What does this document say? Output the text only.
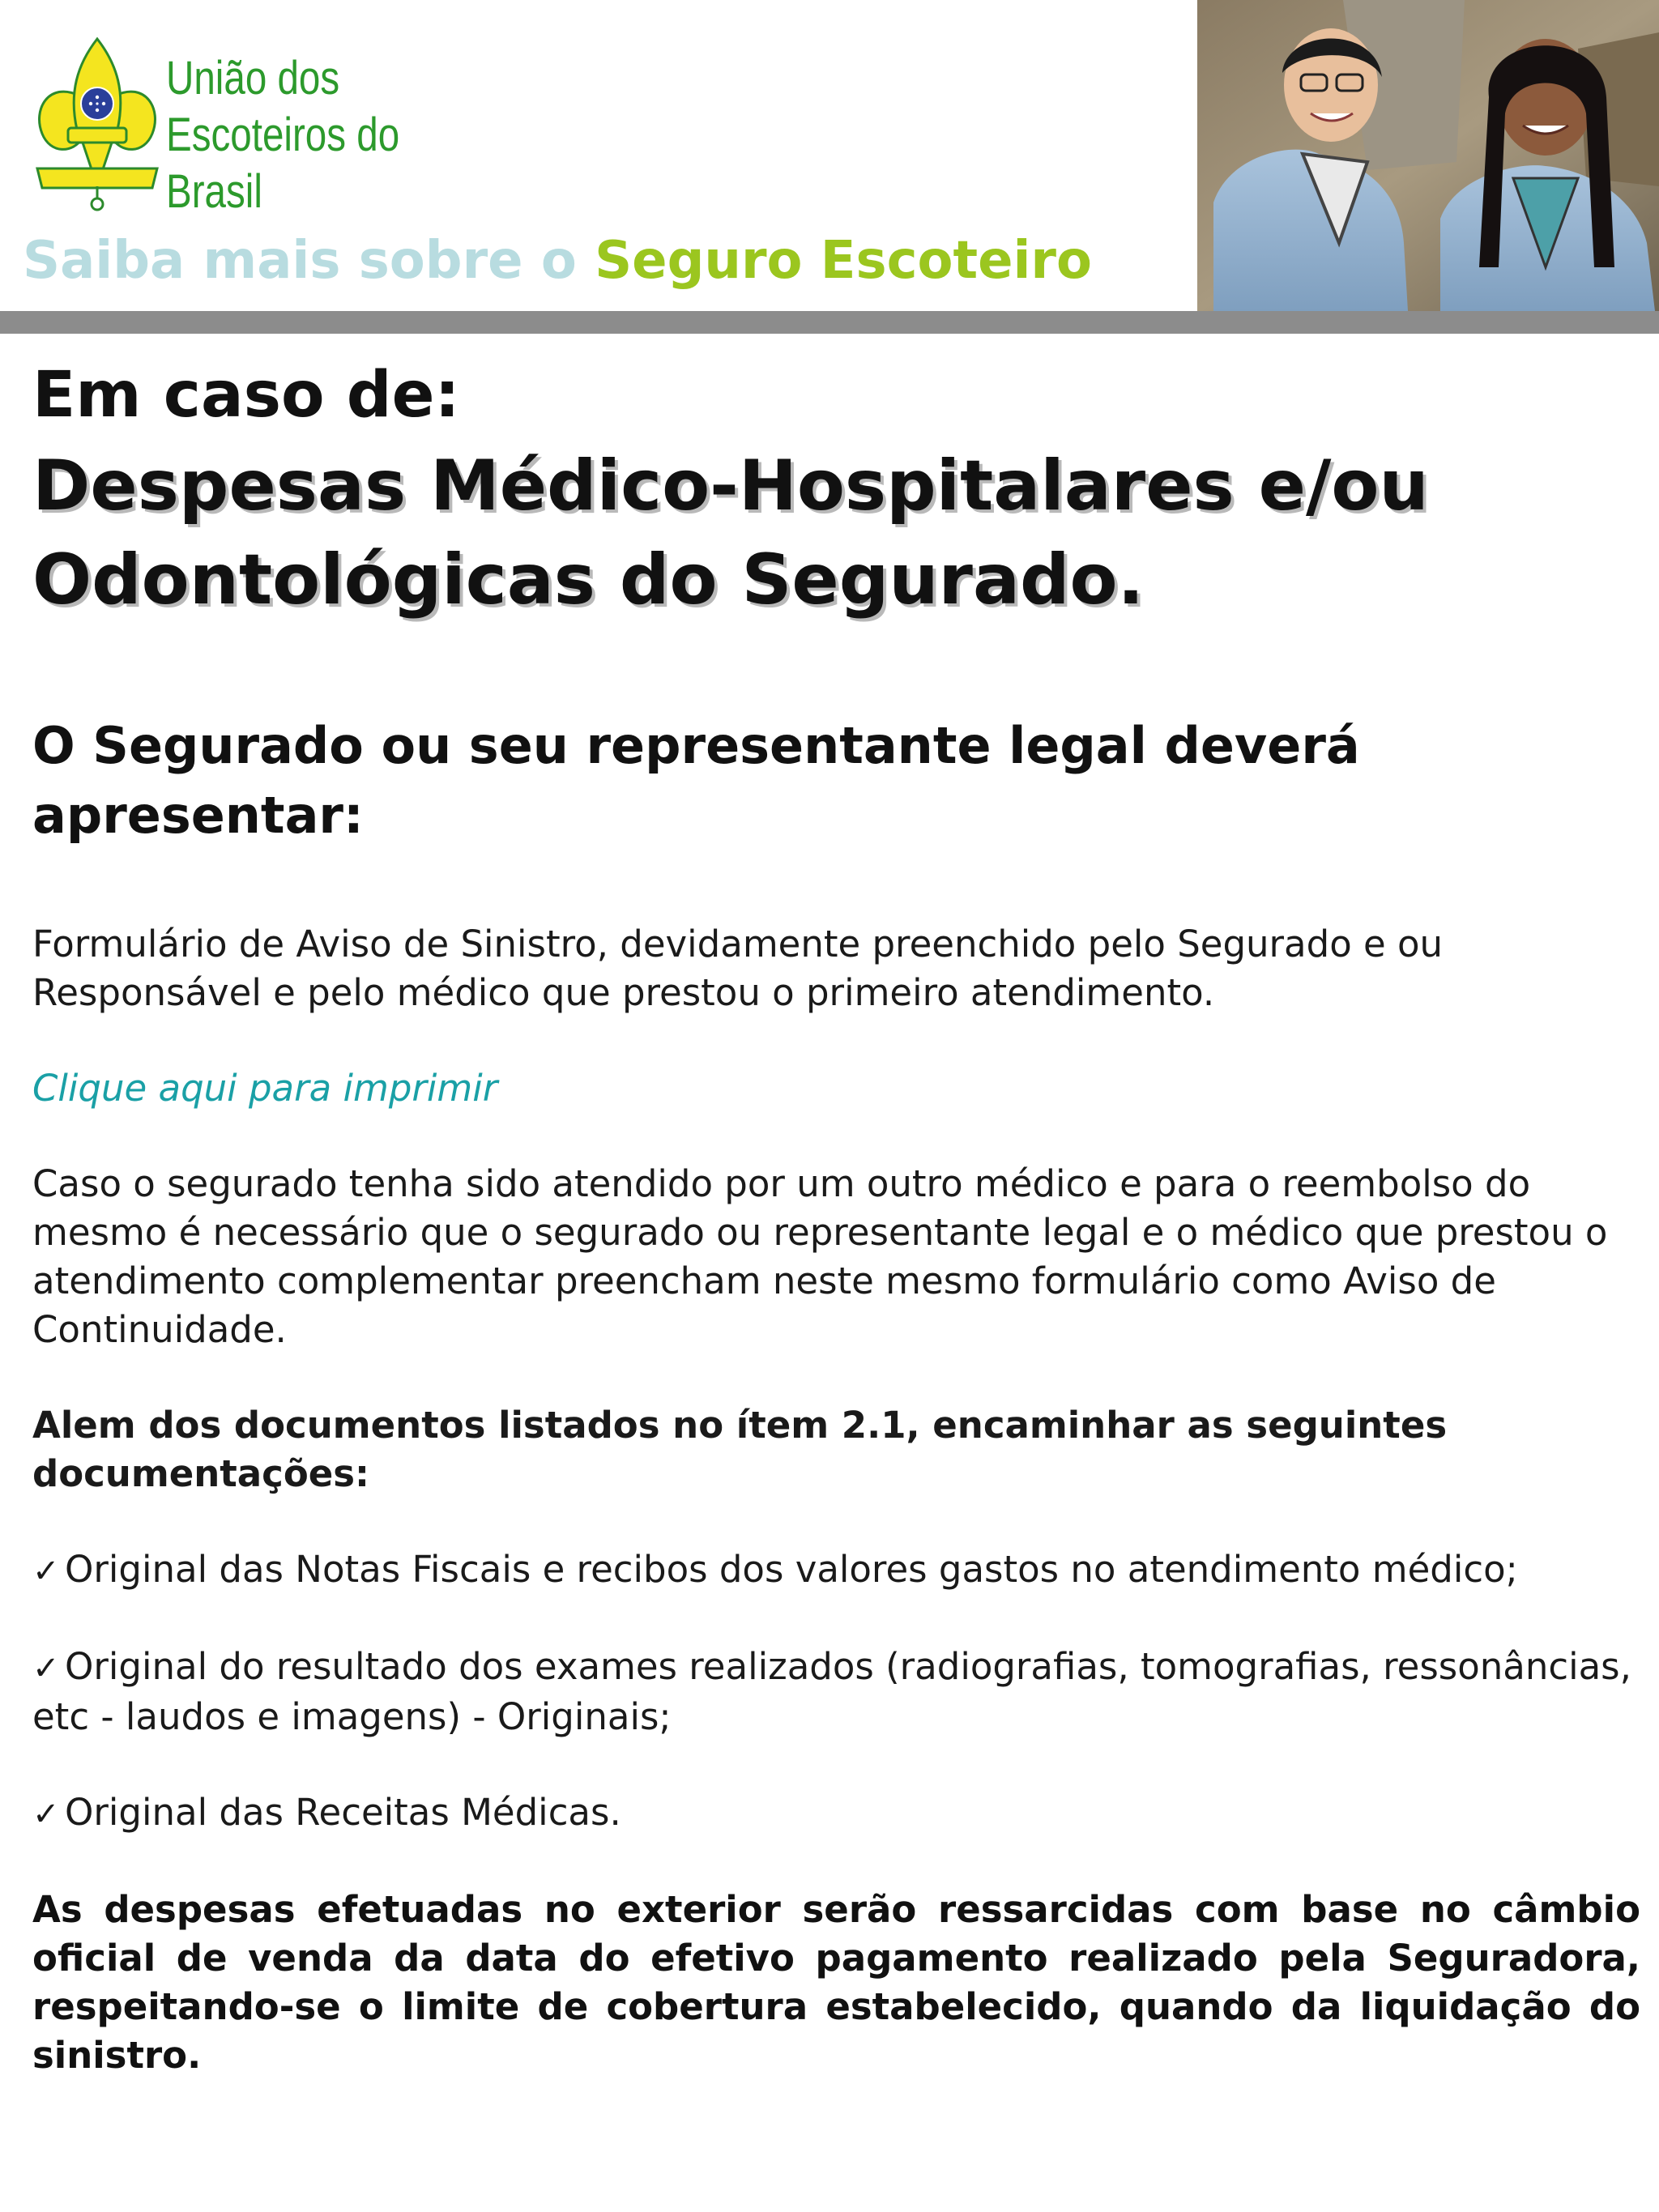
União dos
Escoteiros do
Brasil
Saiba mais sobre o Seguro Escoteiro
Em caso de:
Despesas Médico-Hospitalares e/ou Odontológicas do Segurado.
O Segurado ou seu representante legal deverá apresentar:

Formulário de Aviso de Sinistro, devidamente preenchido pelo Segurado e ou Responsável e pelo médico que prestou o primeiro atendimento.

Clique aqui para imprimir

Caso o segurado tenha sido atendido por um outro médico e para o reembolso do mesmo é necessário que o segurado ou representante legal e o médico que prestou o atendimento complementar preencham neste mesmo formulário como Aviso de Continuidade.

Alem dos documentos listados no ítem 2.1, encaminhar as seguintes documentações:

✓ Original das Notas Fiscais e recibos dos valores gastos no atendimento médico;
✓ Original do resultado dos exames realizados (radiografias, tomografias, ressonâncias, etc - laudos e imagens) - Originais;
✓ Original das Receitas Médicas.

As despesas efetuadas no exterior serão ressarcidas com base no câmbio oficial de venda da data do efetivo pagamento realizado pela Seguradora, respeitando-se o limite de cobertura estabelecido, quando da liquidação do sinistro.
